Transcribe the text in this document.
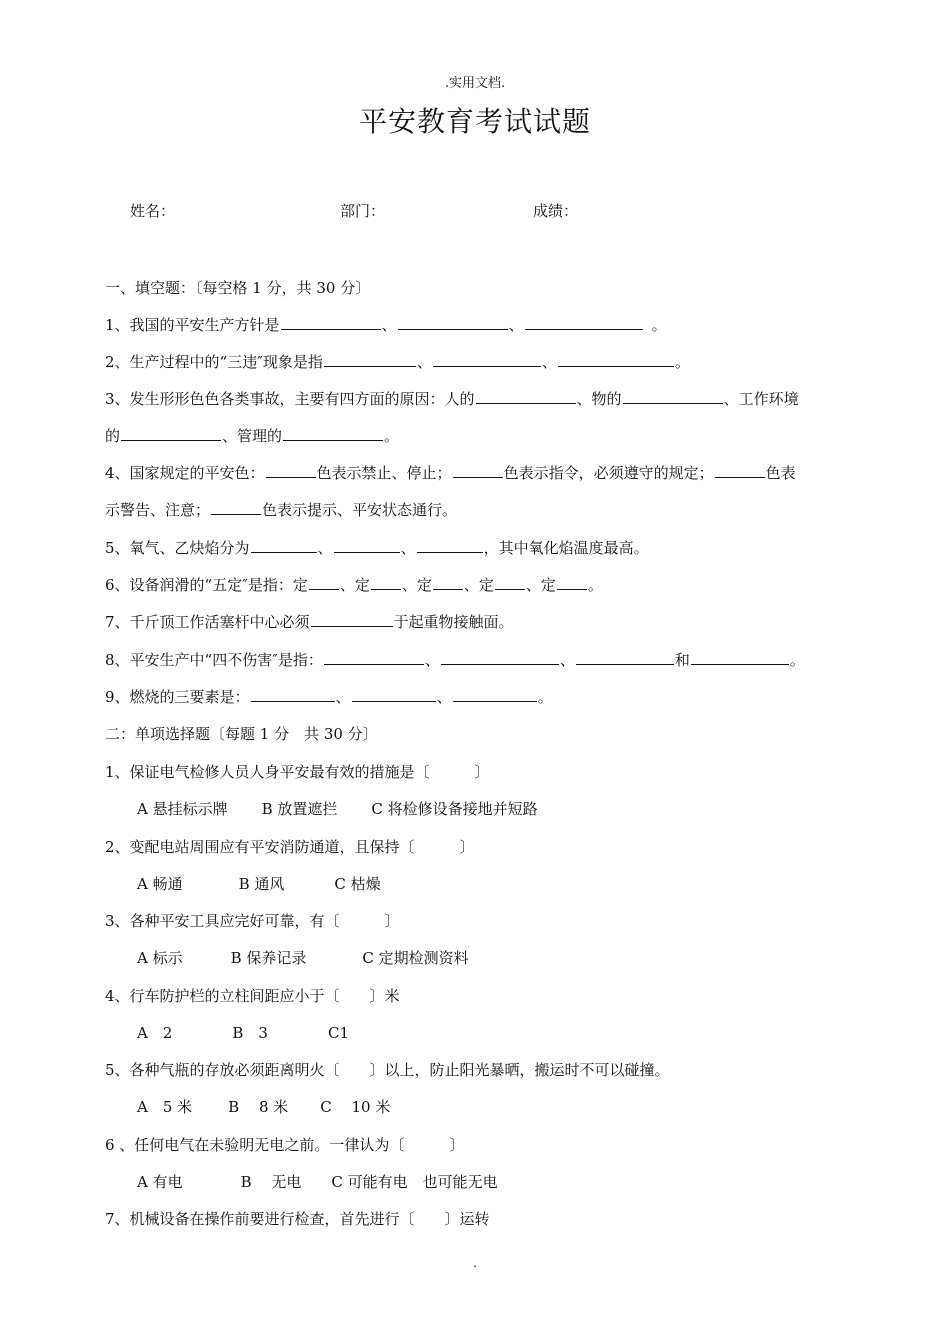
.实用文档.
平安教育考试试题
姓名：	部门：	成绩：
一、填空题：〔每空格 1 分，共 30 分〕
1、我国的平安生产方针是	、	、	。
2、生产过程中的“三违″现象是指	、	、	。
3、发生形形色色各类事故，主要有四方面的原因：人的	、物的	、工作环境
的	、管理的	。
4、国家规定的平安色：	色表示禁止、停止；	色表示指令，必须遵守的规定；	色表
示警告、注意；	色表示提示、平安状态通行。
5、氧气、乙炔焰分为	、	、	，其中氧化焰温度最高。
6、设备润滑的“五定″是指：定 、定 、定 、定 、定 。
7、千斤顶工作活塞杆中心必须	于起重物接触面。
8、平安生产中“四不伤害″是指：	、	、	和	。
9、燃烧的三要素是：	、	、	。
二：单项选择题〔每题 1 分　共 30 分〕
1、保证电气检修人员人身平安最有效的措施是〔　　　〕
A 悬挂标示牌 B 放置遮拦 C 将检修设备接地并短路
2、变配电站周围应有平安消防通道，且保持〔　　　〕
A 畅通	B 通风	C 枯燥
3、各种平安工具应完好可靠，有〔　　　〕
A 标示	B 保养记录	C 定期检测资料
4、行车防护栏的立柱间距应小于〔　　〕米
A　2	B　3	C1
5、各种气瓶的存放必须距离明火〔　　〕以上，防止阳光暴晒，搬运时不可以碰撞。
A　5 米 B　 8 米 C　 10 米
6 、任何电气在未验明无电之前。一律认为〔　　　〕
A 有电	B　 无电 C 可能有电　也可能无电
7、机械设备在操作前要进行检查，首先进行〔　　〕运转
.
